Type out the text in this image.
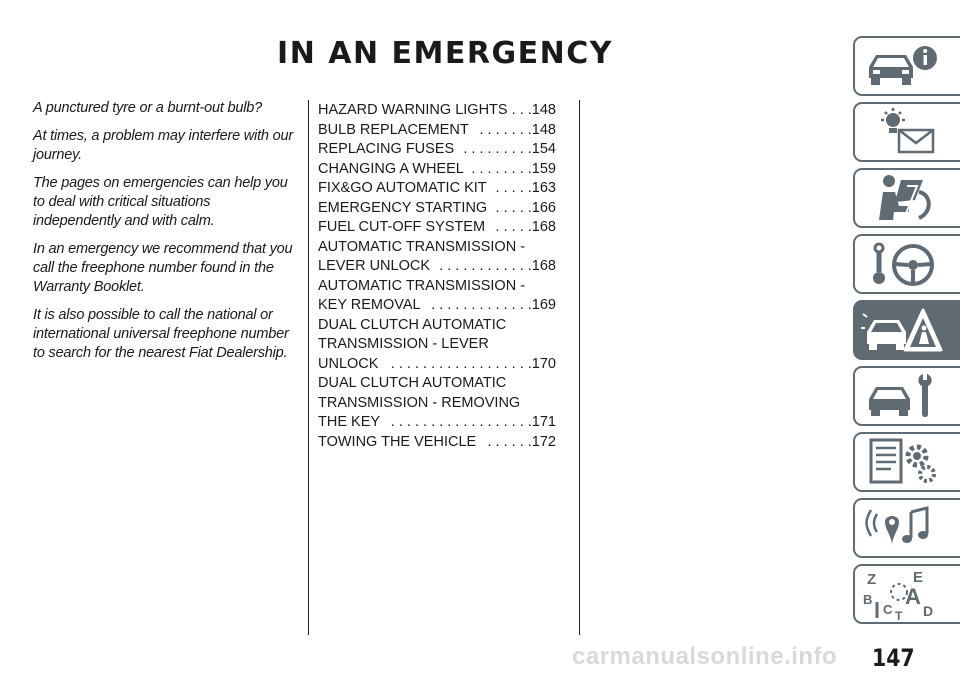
IN AN EMERGENCY

A punctured tyre or a burnt-out bulb?

At times, a problem may interfere with our journey.

The pages on emergencies can help you to deal with critical situations independently and with calm.

In an emergency we recommend that you call the freephone number found in the Warranty Booklet.

It is also possible to call the national or international universal freephone number to search for the nearest Fiat Dealership.

HAZARD WARNING LIGHTS . . .148
BULB REPLACEMENT . . . . . . .148
REPLACING FUSES . . . . . . . . .154
CHANGING A WHEEL . . . . . . . .159
FIX&GO AUTOMATIC KIT . . . . .163
EMERGENCY STARTING . . . . .166
FUEL CUT-OFF SYSTEM . . . . .168
AUTOMATIC TRANSMISSION -
LEVER UNLOCK . . . . . . . . . . . .168
AUTOMATIC TRANSMISSION -
KEY REMOVAL . . . . . . . . . . . . .169
DUAL CLUTCH AUTOMATIC
TRANSMISSION - LEVER
UNLOCK . . . . . . . . . . . . . . . . . .170
DUAL CLUTCH AUTOMATIC
TRANSMISSION - REMOVING
THE KEY . . . . . . . . . . . . . . . . . .171
TOWING THE VEHICLE . . . . . .172
Z E
B A
C D
T
carmanualsonline.info 147
